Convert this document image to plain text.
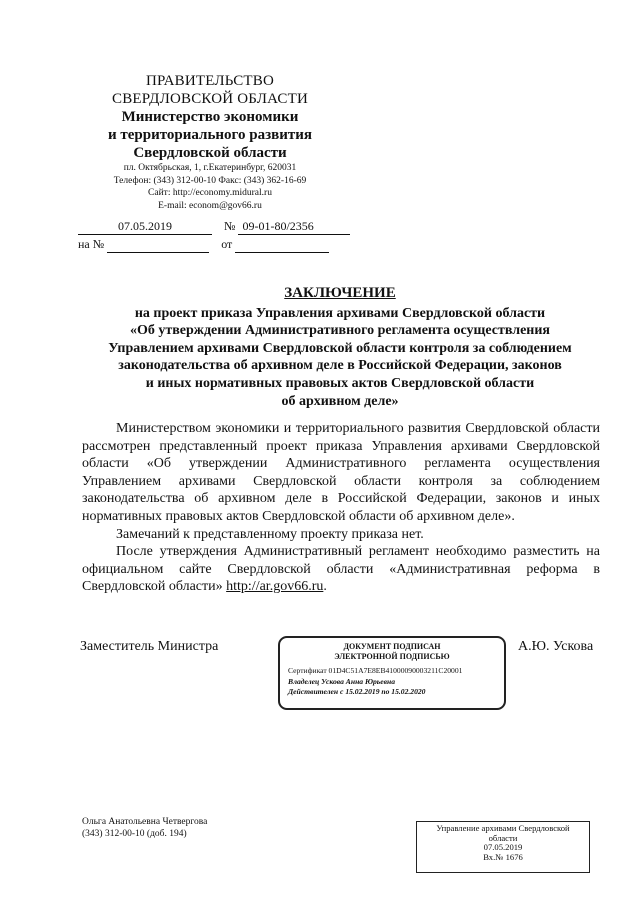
ПРАВИТЕЛЬСТВО
СВЕРДЛОВСКОЙ ОБЛАСТИ
Министерство экономики
и территориального развития
Свердловской области
пл. Октябрьская, 1, г.Екатеринбург, 620031
Телефон: (343) 312-00-10 Факс: (343) 362-16-69
Сайт: http://economy.midural.ru
E-mail: econom@gov66.ru
07.05.2019	№ 09-01-80/2356
на №	от
ЗАКЛЮЧЕНИЕ
на проект приказа Управления архивами Свердловской области
«Об утверждении Административного регламента осуществления
Управлением архивами Свердловской области контроля за соблюдением
законодательства об архивном деле в Российской Федерации, законов
и иных нормативных правовых актов Свердловской области
об архивном деле»

Министерством экономики и территориального развития Свердловской области рассмотрен представленный проект приказа Управления архивами Свердловской области «Об утверждении Административного регламента осуществления Управлением архивами Свердловской области контроля за соблюдением законодательства об архивном деле в Российской Федерации, законов и иных нормативных правовых актов Свердловской области об архивном деле».

Замечаний к представленному проекту приказа нет.

После утверждения Административный регламент необходимо разместить на официальном сайте Свердловской области «Административная реформа в Свердловской области» http://ar.gov66.ru.

Заместитель Министра	ДОКУМЕНТ ПОДПИСАН
ЭЛЕКТРОННОЙ ПОДПИСЬЮ
Сертификат 01D4C51A7E8EB41000090003211C20001
Владелец Ускова Анна Юрьевна
Действителен с 15.02.2019 по 15.02.2020
А.Ю. Ускова
Ольга Анатольевна Четвергова
(343) 312-00-10 (доб. 194)
Управление архивами Свердловской
области
07.05.2019
Вх.№ 1676
